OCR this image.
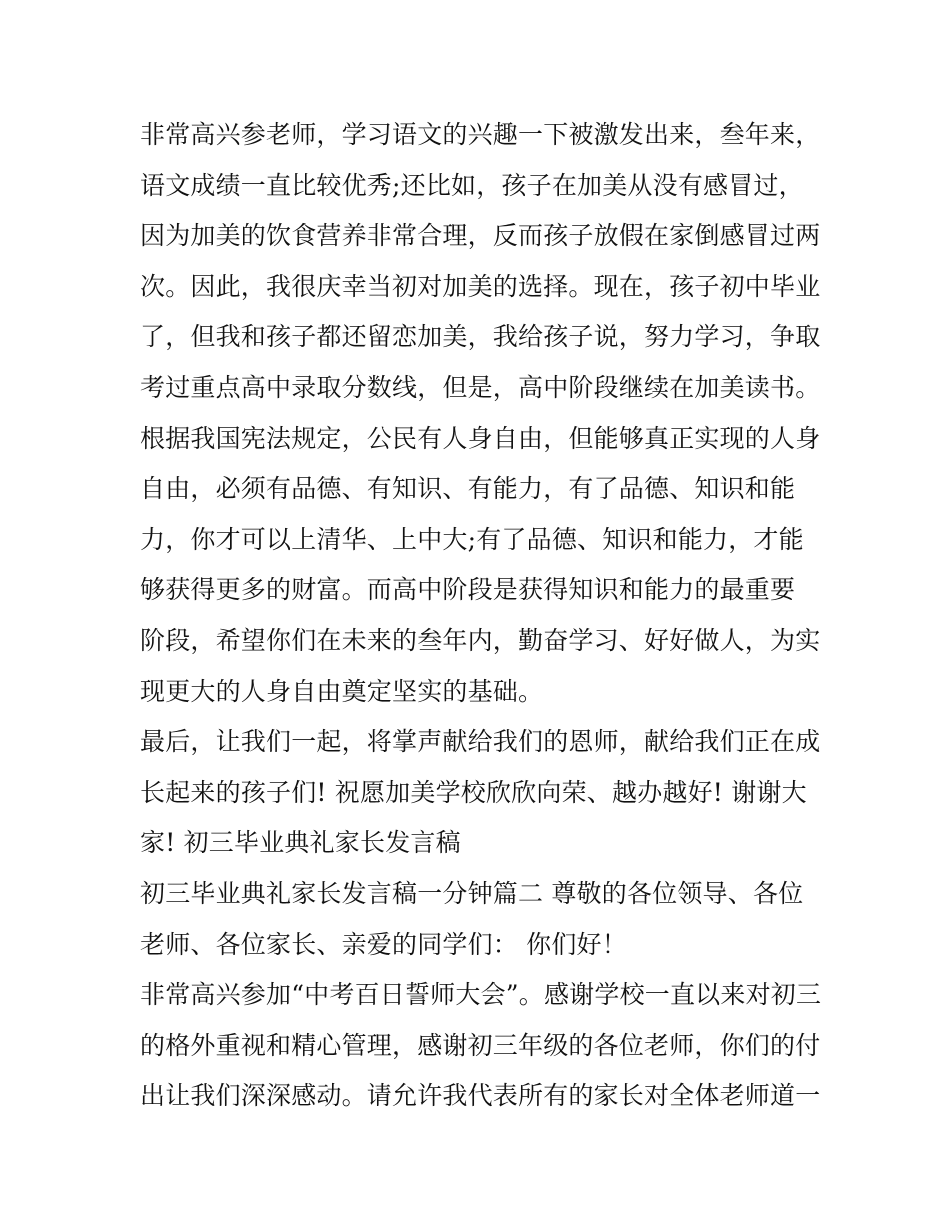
非常高兴参老师，学习语文的兴趣一下被激发出来，叁年来，
语文成绩一直比较优秀;还比如，孩子在加美从没有感冒过，
因为加美的饮食营养非常合理，反而孩子放假在家倒感冒过两
次。因此，我很庆幸当初对加美的选择。现在，孩子初中毕业
了，但我和孩子都还留恋加美，我给孩子说，努力学习，争取
考过重点高中录取分数线，但是，高中阶段继续在加美读书。
根据我国宪法规定，公民有人身自由，但能够真正实现的人身
自由，必须有品德、有知识、有能力，有了品德、知识和能
力，你才可以上清华、上中大;有了品德、知识和能力，才能
够获得更多的财富。而高中阶段是获得知识和能力的最重要
阶段，希望你们在未来的叁年内，勤奋学习、好好做人，为实
现更大的人身自由奠定坚实的基础。
最后，让我们一起，将掌声献给我们的恩师，献给我们正在成
长起来的孩子们! 祝愿加美学校欣欣向荣、越办越好! 谢谢大
家! 初三毕业典礼家长发言稿
初三毕业典礼家长发言稿一分钟篇二 尊敬的各位领导、各位
老师、各位家长、亲爱的同学们： 你们好！
非常高兴参加“中考百日誓师大会”。感谢学校一直以来对初三
的格外重视和精心管理，感谢初三年级的各位老师，你们的付
出让我们深深感动。请允许我代表所有的家长对全体老师道一
